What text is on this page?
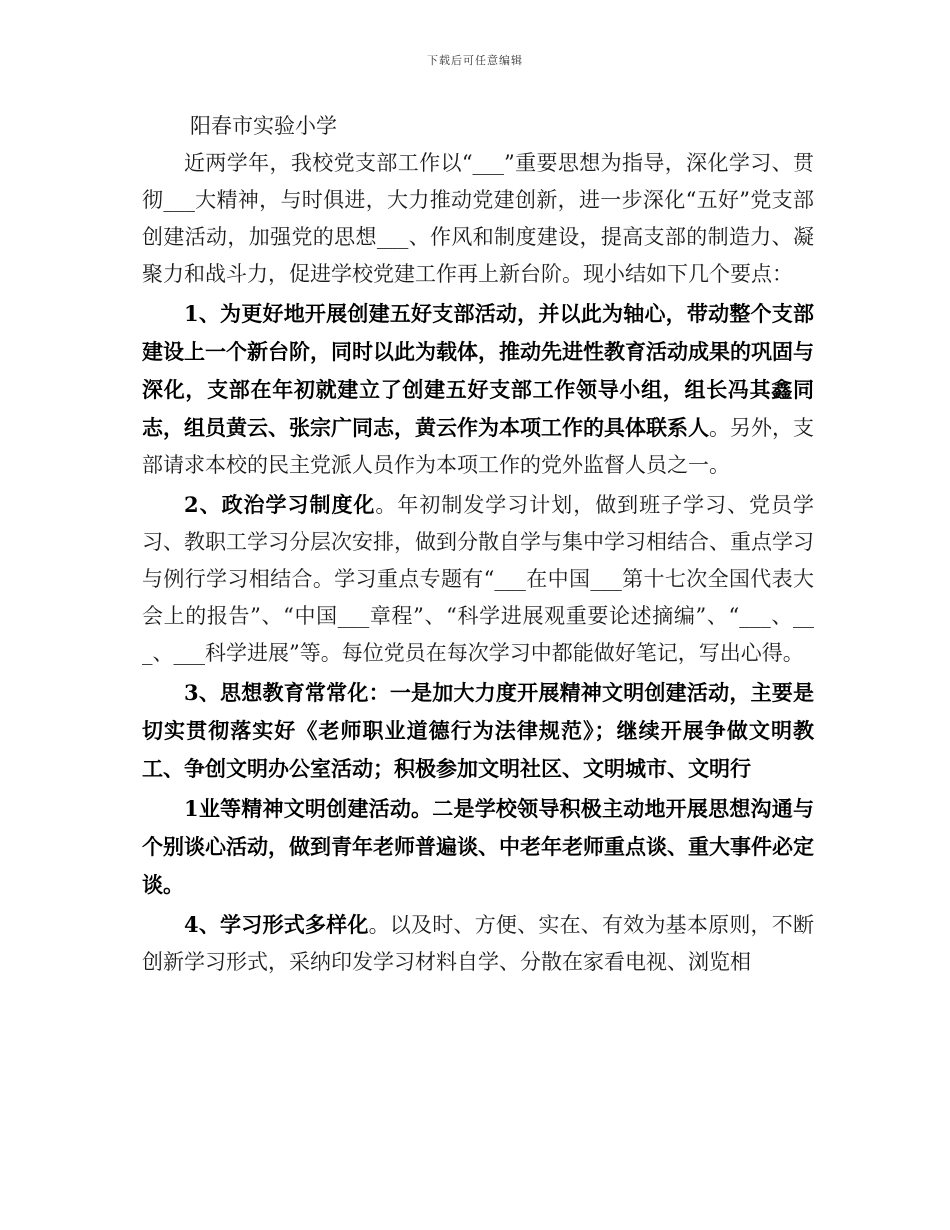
下载后可任意编辑

阳春市实验小学

近两学年，我校党支部工作以“___”重要思想为指导，深化学习、贯彻___大精神，与时俱进，大力推动党建创新，进一步深化“五好”党支部创建活动，加强党的思想___、作风和制度建设，提高支部的制造力、凝聚力和战斗力，促进学校党建工作再上新台阶。现小结如下几个要点：

1、为更好地开展创建五好支部活动，并以此为轴心，带动整个支部建设上一个新台阶，同时以此为载体，推动先进性教育活动成果的巩固与深化，支部在年初就建立了创建五好支部工作领导小组，组长冯其鑫同志，组员黄云、张宗广同志，黄云作为本项工作的具体联系人。另外，支部请求本校的民主党派人员作为本项工作的党外监督人员之一。

2、政治学习制度化。年初制发学习计划，做到班子学习、党员学习、教职工学习分层次安排，做到分散自学与集中学习相结合、重点学习与例行学习相结合。学习重点专题有“___在中国___第十七次全国代表大会上的报告”、“中国___章程”、“科学进展观重要论述摘编”、“___、___、___科学进展”等。每位党员在每次学习中都能做好笔记，写出心得。

3、思想教育常常化：一是加大力度开展精神文明创建活动，主要是切实贯彻落实好《老师职业道德行为法律规范》；继续开展争做文明教工、争创文明办公室活动；积极参加文明社区、文明城市、文明行

1业等精神文明创建活动。二是学校领导积极主动地开展思想沟通与个别谈心活动，做到青年老师普遍谈、中老年老师重点谈、重大事件必定谈。

4、学习形式多样化。以及时、方便、实在、有效为基本原则，不断创新学习形式，采纳印发学习材料自学、分散在家看电视、浏览相
